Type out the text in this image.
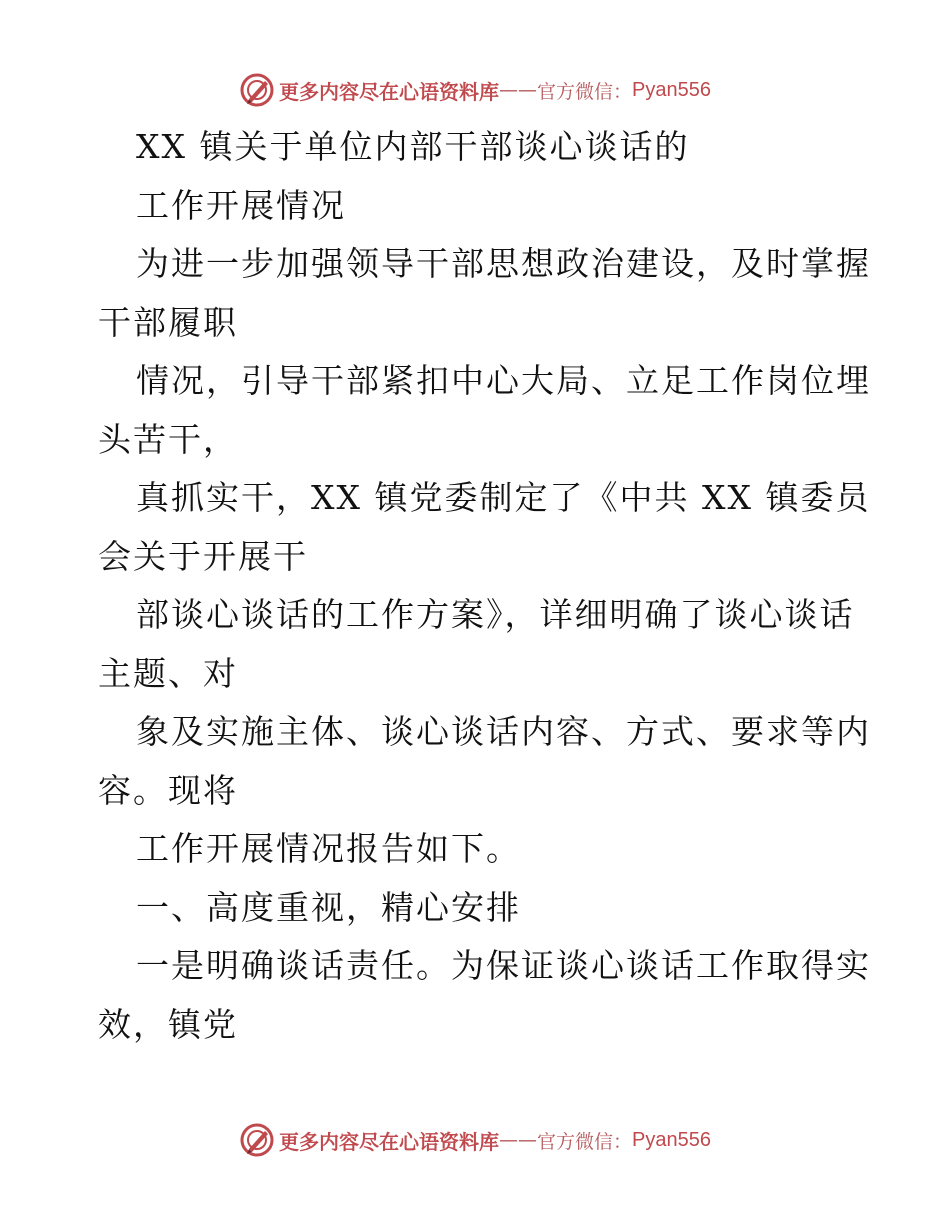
更多内容尽在心语资料库 —— 官方微信： Pyan556

XX 镇关于单位内部干部谈心谈话的

工作开展情况

为进一步加强领导干部思想政治建设，及时掌握

干部履职

情况，引导干部紧扣中心大局、立足工作岗位埋

头苦干，

真抓实干，XX 镇党委制定了《中共 XX 镇委员

会关于开展干

部谈心谈话的工作方案》，详细明确了谈心谈话

主题、对

象及实施主体、谈心谈话内容、方式、要求等内

容。现将

工作开展情况报告如下。

一、高度重视，精心安排

一是明确谈话责任。为保证谈心谈话工作取得实

效，镇党

更多内容尽在心语资料库 —— 官方微信： Pyan556
